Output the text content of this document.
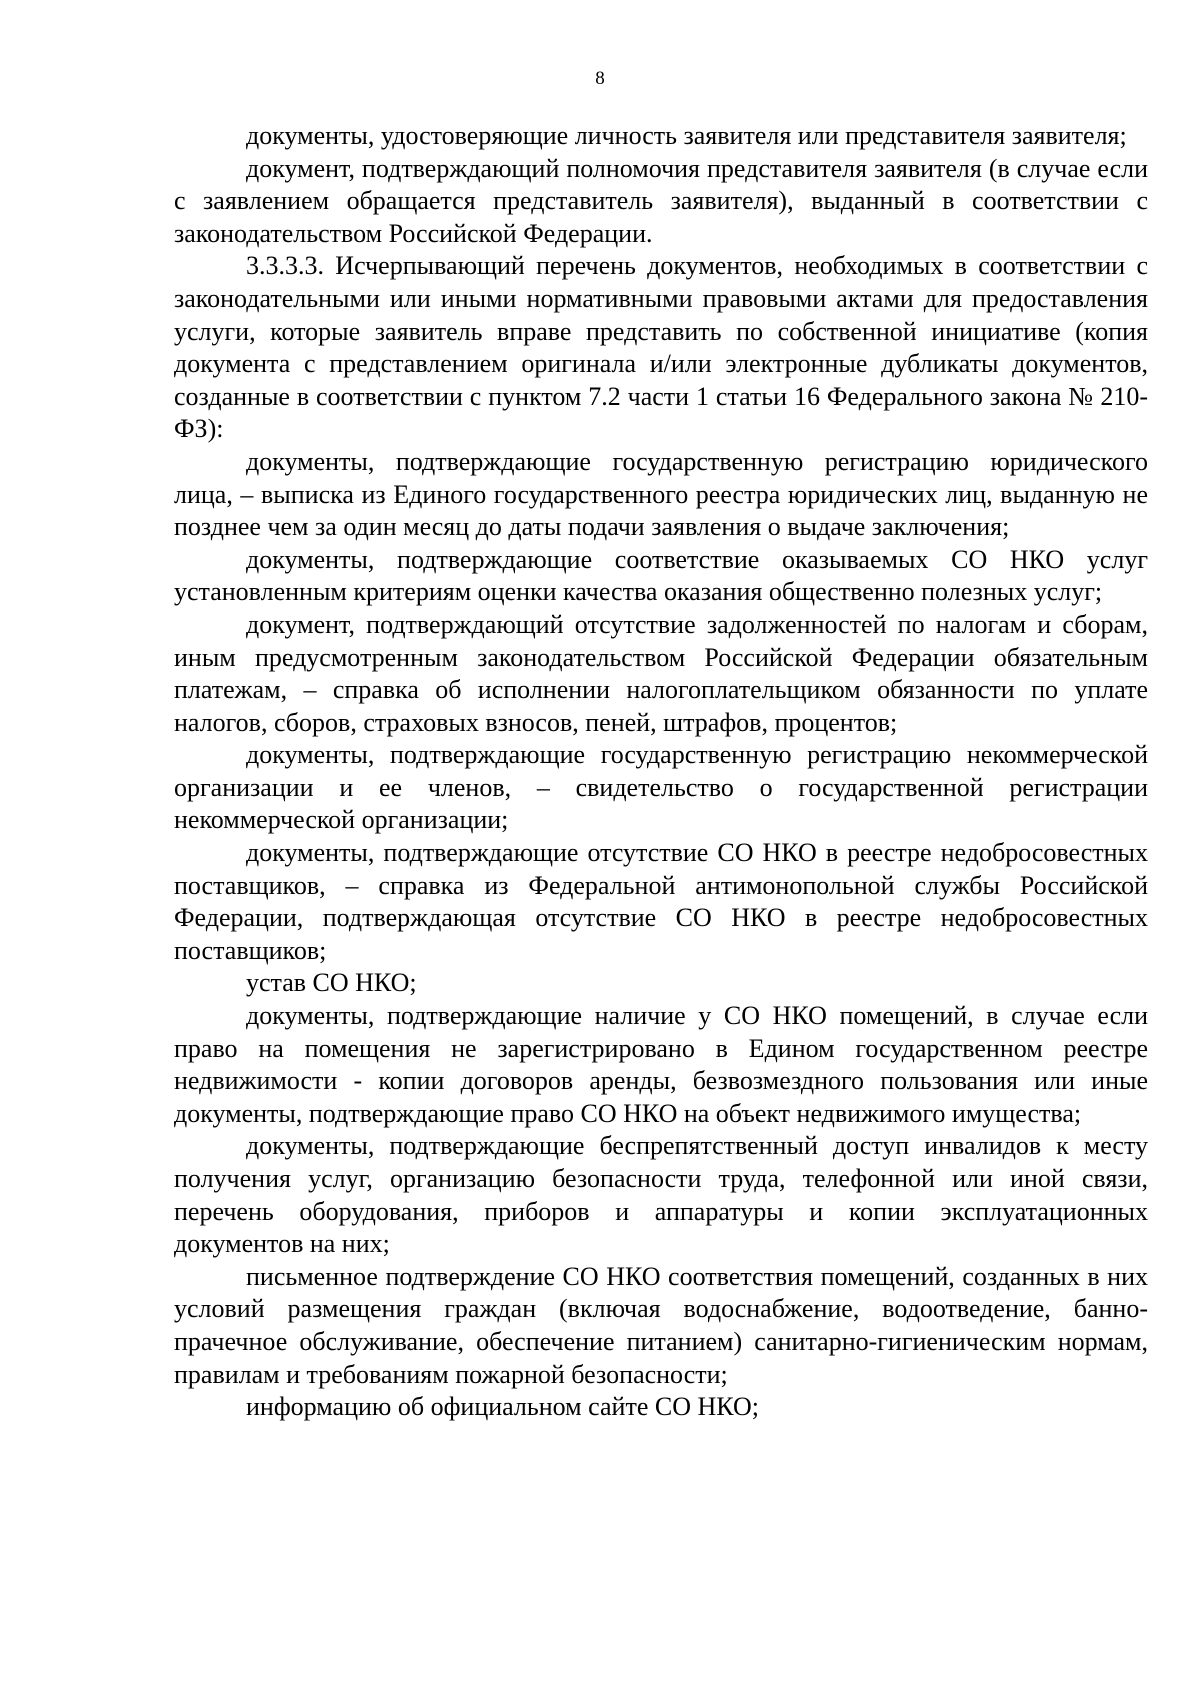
8

документы, удостоверяющие личность заявителя или представителя заявителя;

документ, подтверждающий полномочия представителя заявителя (в случае если с заявлением обращается представитель заявителя), выданный в соответствии с законодательством Российской Федерации.

3.3.3.3. Исчерпывающий перечень документов, необходимых в соответствии с законодательными или иными нормативными правовыми актами для предоставления услуги, которые заявитель вправе представить по собственной инициативе (копия документа с представлением оригинала и/или электронные дубликаты документов, созданные в соответствии с пунктом 7.2 части 1 статьи 16 Федерального закона № 210-ФЗ):

документы, подтверждающие государственную регистрацию юридического лица, – выписка из Единого государственного реестра юридических лиц, выданную не позднее чем за один месяц до даты подачи заявления о выдаче заключения;

документы, подтверждающие соответствие оказываемых СО НКО услуг установленным критериям оценки качества оказания общественно полезных услуг;

документ, подтверждающий отсутствие задолженностей по налогам и сборам, иным предусмотренным законодательством Российской Федерации обязательным платежам, – справка об исполнении налогоплательщиком обязанности по уплате налогов, сборов, страховых взносов, пеней, штрафов, процентов;

документы, подтверждающие государственную регистрацию некоммерческой организации и ее членов, – свидетельство о государственной регистрации некоммерческой организации;

документы, подтверждающие отсутствие СО НКО в реестре недобросовестных поставщиков, – справка из Федеральной антимонопольной службы Российской Федерации, подтверждающая отсутствие СО НКО в реестре недобросовестных поставщиков;

устав СО НКО;

документы, подтверждающие наличие у СО НКО помещений, в случае если право на помещения не зарегистрировано в Едином государственном реестре недвижимости - копии договоров аренды, безвозмездного пользования или иные документы, подтверждающие право СО НКО на объект недвижимого имущества;

документы, подтверждающие беспрепятственный доступ инвалидов к месту получения услуг, организацию безопасности труда, телефонной или иной связи, перечень оборудования, приборов и аппаратуры и копии эксплуатационных документов на них;

письменное подтверждение СО НКО соответствия помещений, созданных в них условий размещения граждан (включая водоснабжение, водоотведение, банно-прачечное обслуживание, обеспечение питанием) санитарно-гигиеническим нормам, правилам и требованиям пожарной безопасности;

информацию об официальном сайте СО НКО;
